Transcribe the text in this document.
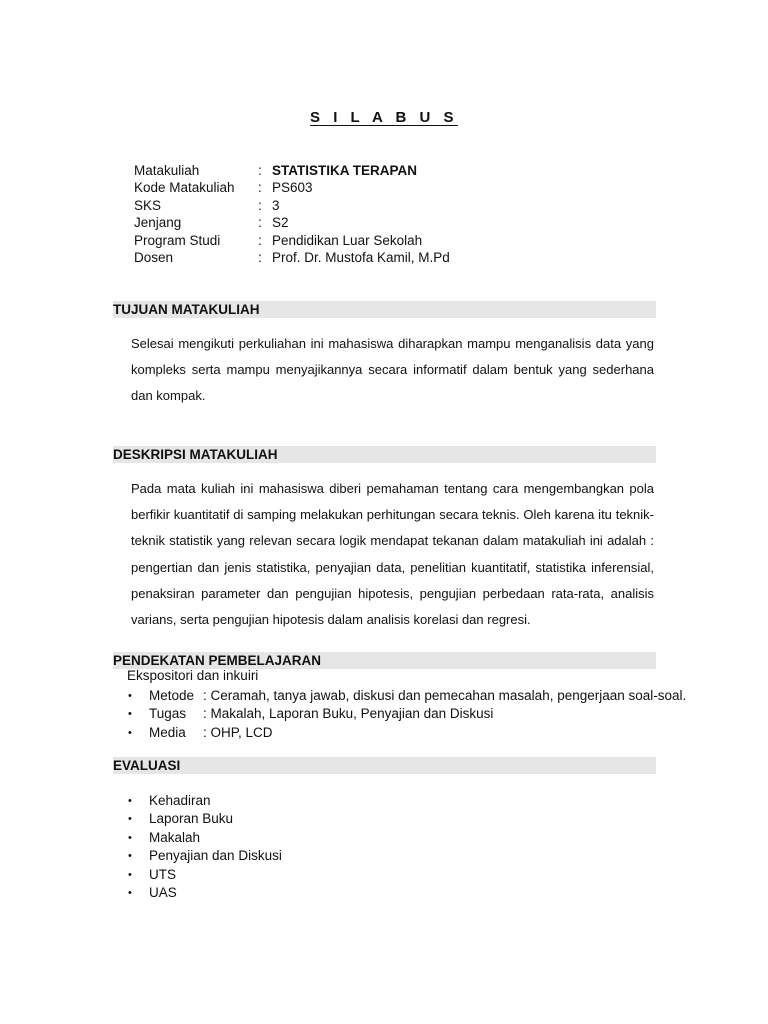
S I L A B U S
Matakuliah	: STATISTIKA TERAPAN
Kode Matakuliah	: PS603
SKS	: 3
Jenjang	: S2
Program Studi	: Pendidikan Luar Sekolah
Dosen	: Prof. Dr. Mustofa Kamil, M.Pd
TUJUAN MATAKULIAH
Selesai mengikuti perkuliahan ini mahasiswa diharapkan mampu menganalisis data yang kompleks serta mampu menyajikannya secara informatif dalam bentuk yang sederhana dan kompak.
DESKRIPSI MATAKULIAH
Pada mata kuliah ini mahasiswa diberi pemahaman tentang cara mengembangkan pola berfikir kuantitatif di samping melakukan perhitungan secara teknis. Oleh karena itu teknik-teknik statistik yang relevan secara logik mendapat tekanan dalam matakuliah ini adalah : pengertian dan jenis statistika, penyajian data, penelitian kuantitatif, statistika inferensial, penaksiran parameter dan pengujian hipotesis, pengujian perbedaan rata-rata, analisis varians, serta pengujian hipotesis dalam analisis korelasi dan regresi.
PENDEKATAN PEMBELAJARAN
Ekspositori dan inkuiri
•	Metode : Ceramah, tanya jawab, diskusi dan pemecahan masalah, pengerjaan soal-soal.
•	Tugas	: Makalah, Laporan Buku, Penyajian dan Diskusi
•	Media	: OHP, LCD
EVALUASI
•	Kehadiran
•	Laporan Buku
•	Makalah
•	Penyajian dan Diskusi
•	UTS
•	UAS
